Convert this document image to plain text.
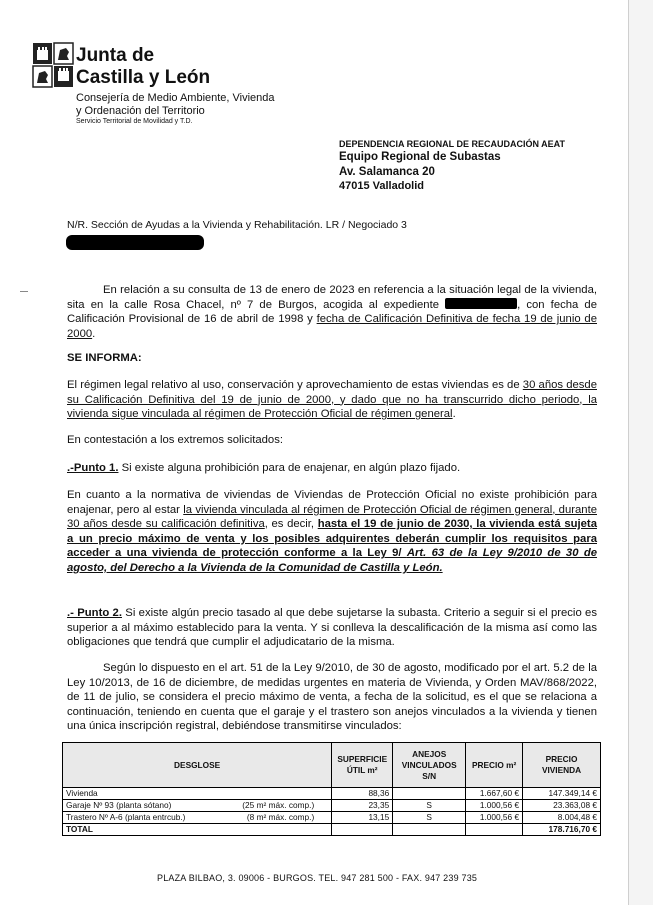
Junta de
Castilla y León
Consejería de Medio Ambiente, Vivienda
y Ordenación del Territorio
Servicio Territorial de Movilidad y T.D.
DEPENDENCIA REGIONAL DE RECAUDACIÓN AEAT
Equipo Regional de Subastas
Av. Salamanca 20
47015 Valladolid
N/R. Sección de Ayudas a la Vivienda y Rehabilitación. LR / Negociado 3
En relación a su consulta de 13 de enero de 2023 en referencia a la situación legal de la vivienda, sita en la calle Rosa Chacel, nº 7 de Burgos, acogida al expediente	, con fecha de Calificación Provisional de 16 de abril de 1998 y fecha de Calificación Definitiva de fecha 19 de junio de 2000.
SE INFORMA:
El régimen legal relativo al uso, conservación y aprovechamiento de estas viviendas es de 30 años desde su Calificación Definitiva del 19 de junio de 2000, y dado que no ha transcurrido dicho periodo, la vivienda sigue vinculada al régimen de Protección Oficial de régimen general.
En contestación a los extremos solicitados:
.-Punto 1. Si existe alguna prohibición para de enajenar, en algún plazo fijado.
En cuanto a la normativa de viviendas de Viviendas de Protección Oficial no existe prohibición para enajenar, pero al estar la vivienda vinculada al régimen de Protección Oficial de régimen general, durante 30 años desde su calificación definitiva, es decir, hasta el 19 de junio de 2030, la vivienda está sujeta a un precio máximo de venta y los posibles adquirentes deberán cumplir los requisitos para acceder a una vivienda de protección conforme a la Ley 9/ Art. 63 de la Ley 9/2010 de 30 de agosto, del Derecho a la Vivienda de la Comunidad de Castilla y León.
.- Punto 2. Si existe algún precio tasado al que debe sujetarse la subasta. Criterio a seguir si el precio es superior a al máximo establecido para la venta. Y si conlleva la descalificación de la misma así como las obligaciones que tendrá que cumplir el adjudicatario de la misma.
Según lo dispuesto en el art. 51 de la Ley 9/2010, de 30 de agosto, modificado por el art. 5.2 de la Ley 10/2013, de 16 de diciembre, de medidas urgentes en materia de Vivienda, y Orden MAV/868/2022, de 11 de julio, se considera el precio máximo de venta, a fecha de la solicitud, es el que se relaciona a continuación, teniendo en cuenta que el garaje y el trastero son anejos vinculados a la vivienda y tienen una única inscripción registral, debiéndose transmitirse vinculados:
DESGLOSE	SUPERFICIE ÚTIL m²	ANEJOS VINCULADOS S/N	PRECIO m²	PRECIO VIVIENDA
Vivienda	88,36		1.667,60 €	147.349,14 €
Garaje Nº 93 (planta sótano) (25 m² máx. comp.)	23,35	S	1.000,56 €	23.363,08 €
Trastero Nº A-6 (planta entrcub.) (8 m² máx. comp.)	13,15	S	1.000,56 €	8.004,48 €
TOTAL				178.716,70 €
PLAZA BILBAO, 3. 09006 - BURGOS. TEL. 947 281 500 - FAX. 947 239 735
